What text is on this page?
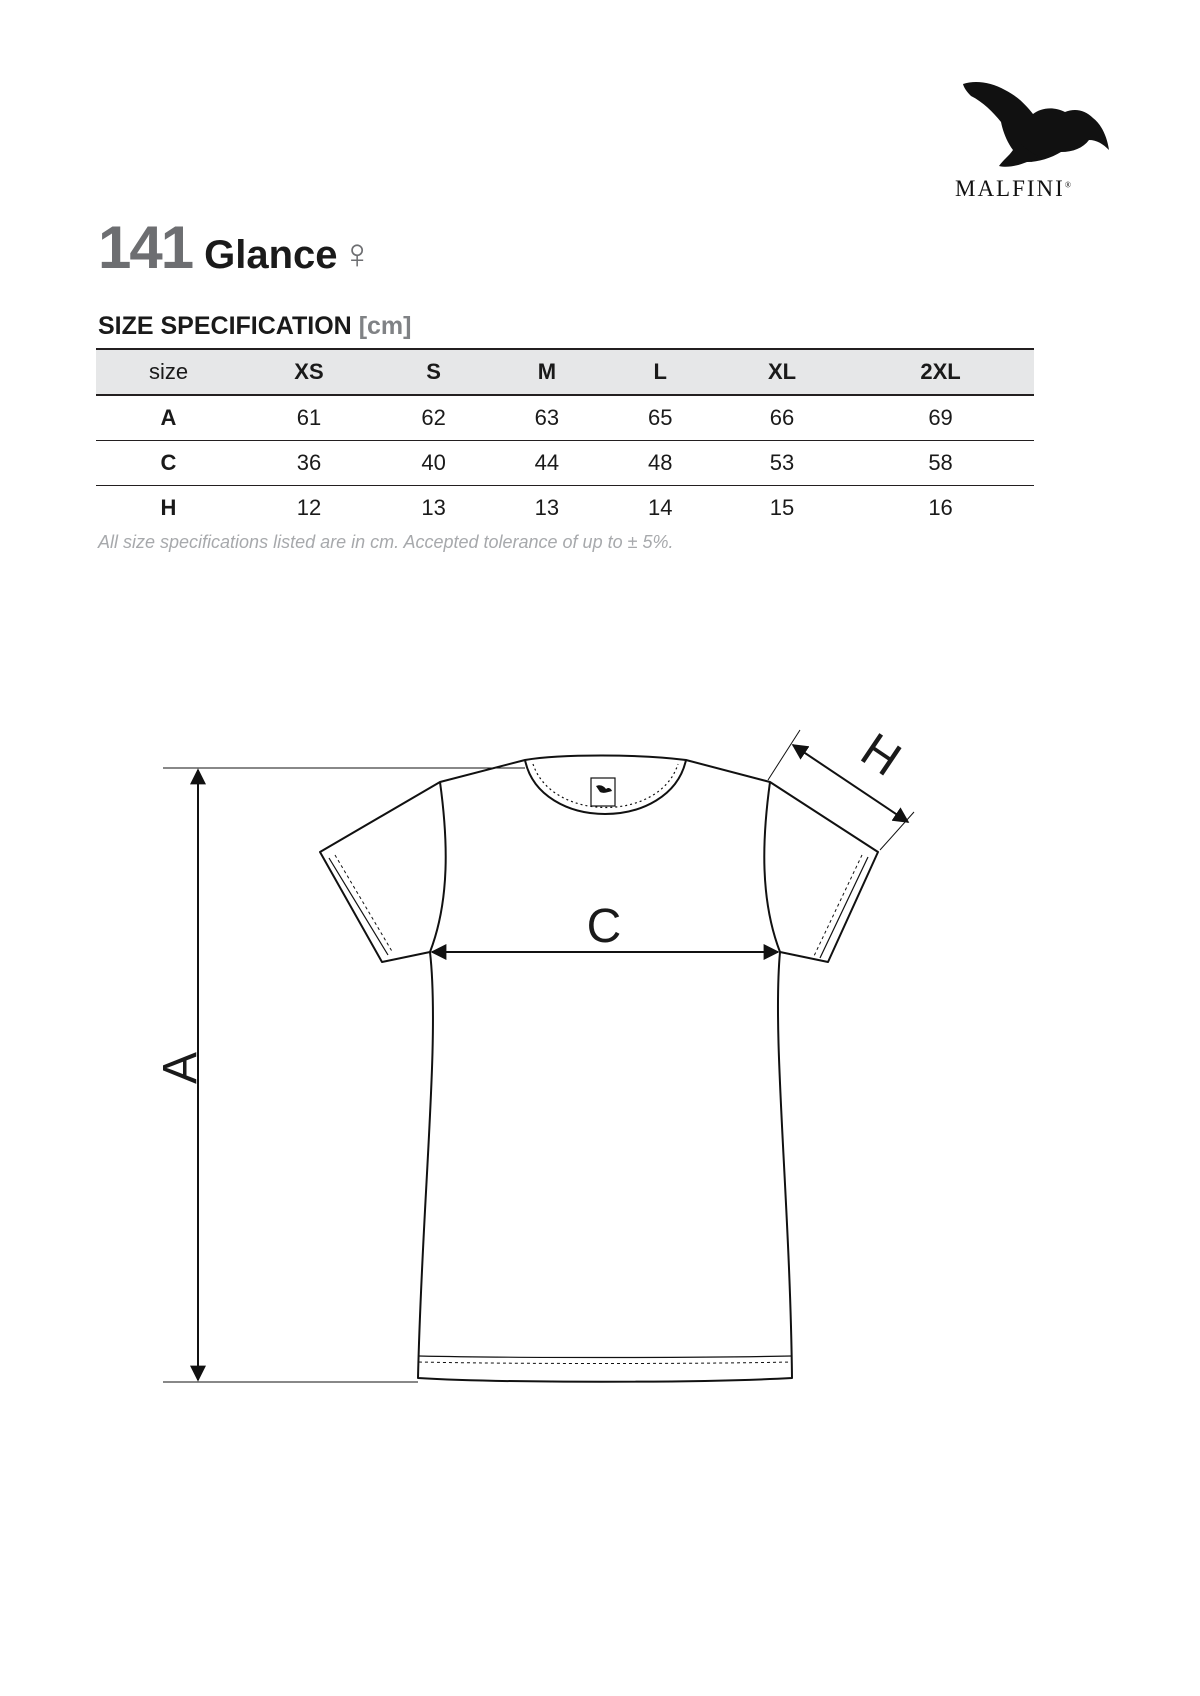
MALFINI®
141 Glance♀
SIZE SPECIFICATION [cm]
size	XS	S	M	L	XL	2XL
A	61	62	63	65	66	69
C	36	40	44	48	53	58
H	12	13	13	14	15	16
All size specifications listed are in cm. Accepted tolerance of up to ± 5%.
A
C
H
